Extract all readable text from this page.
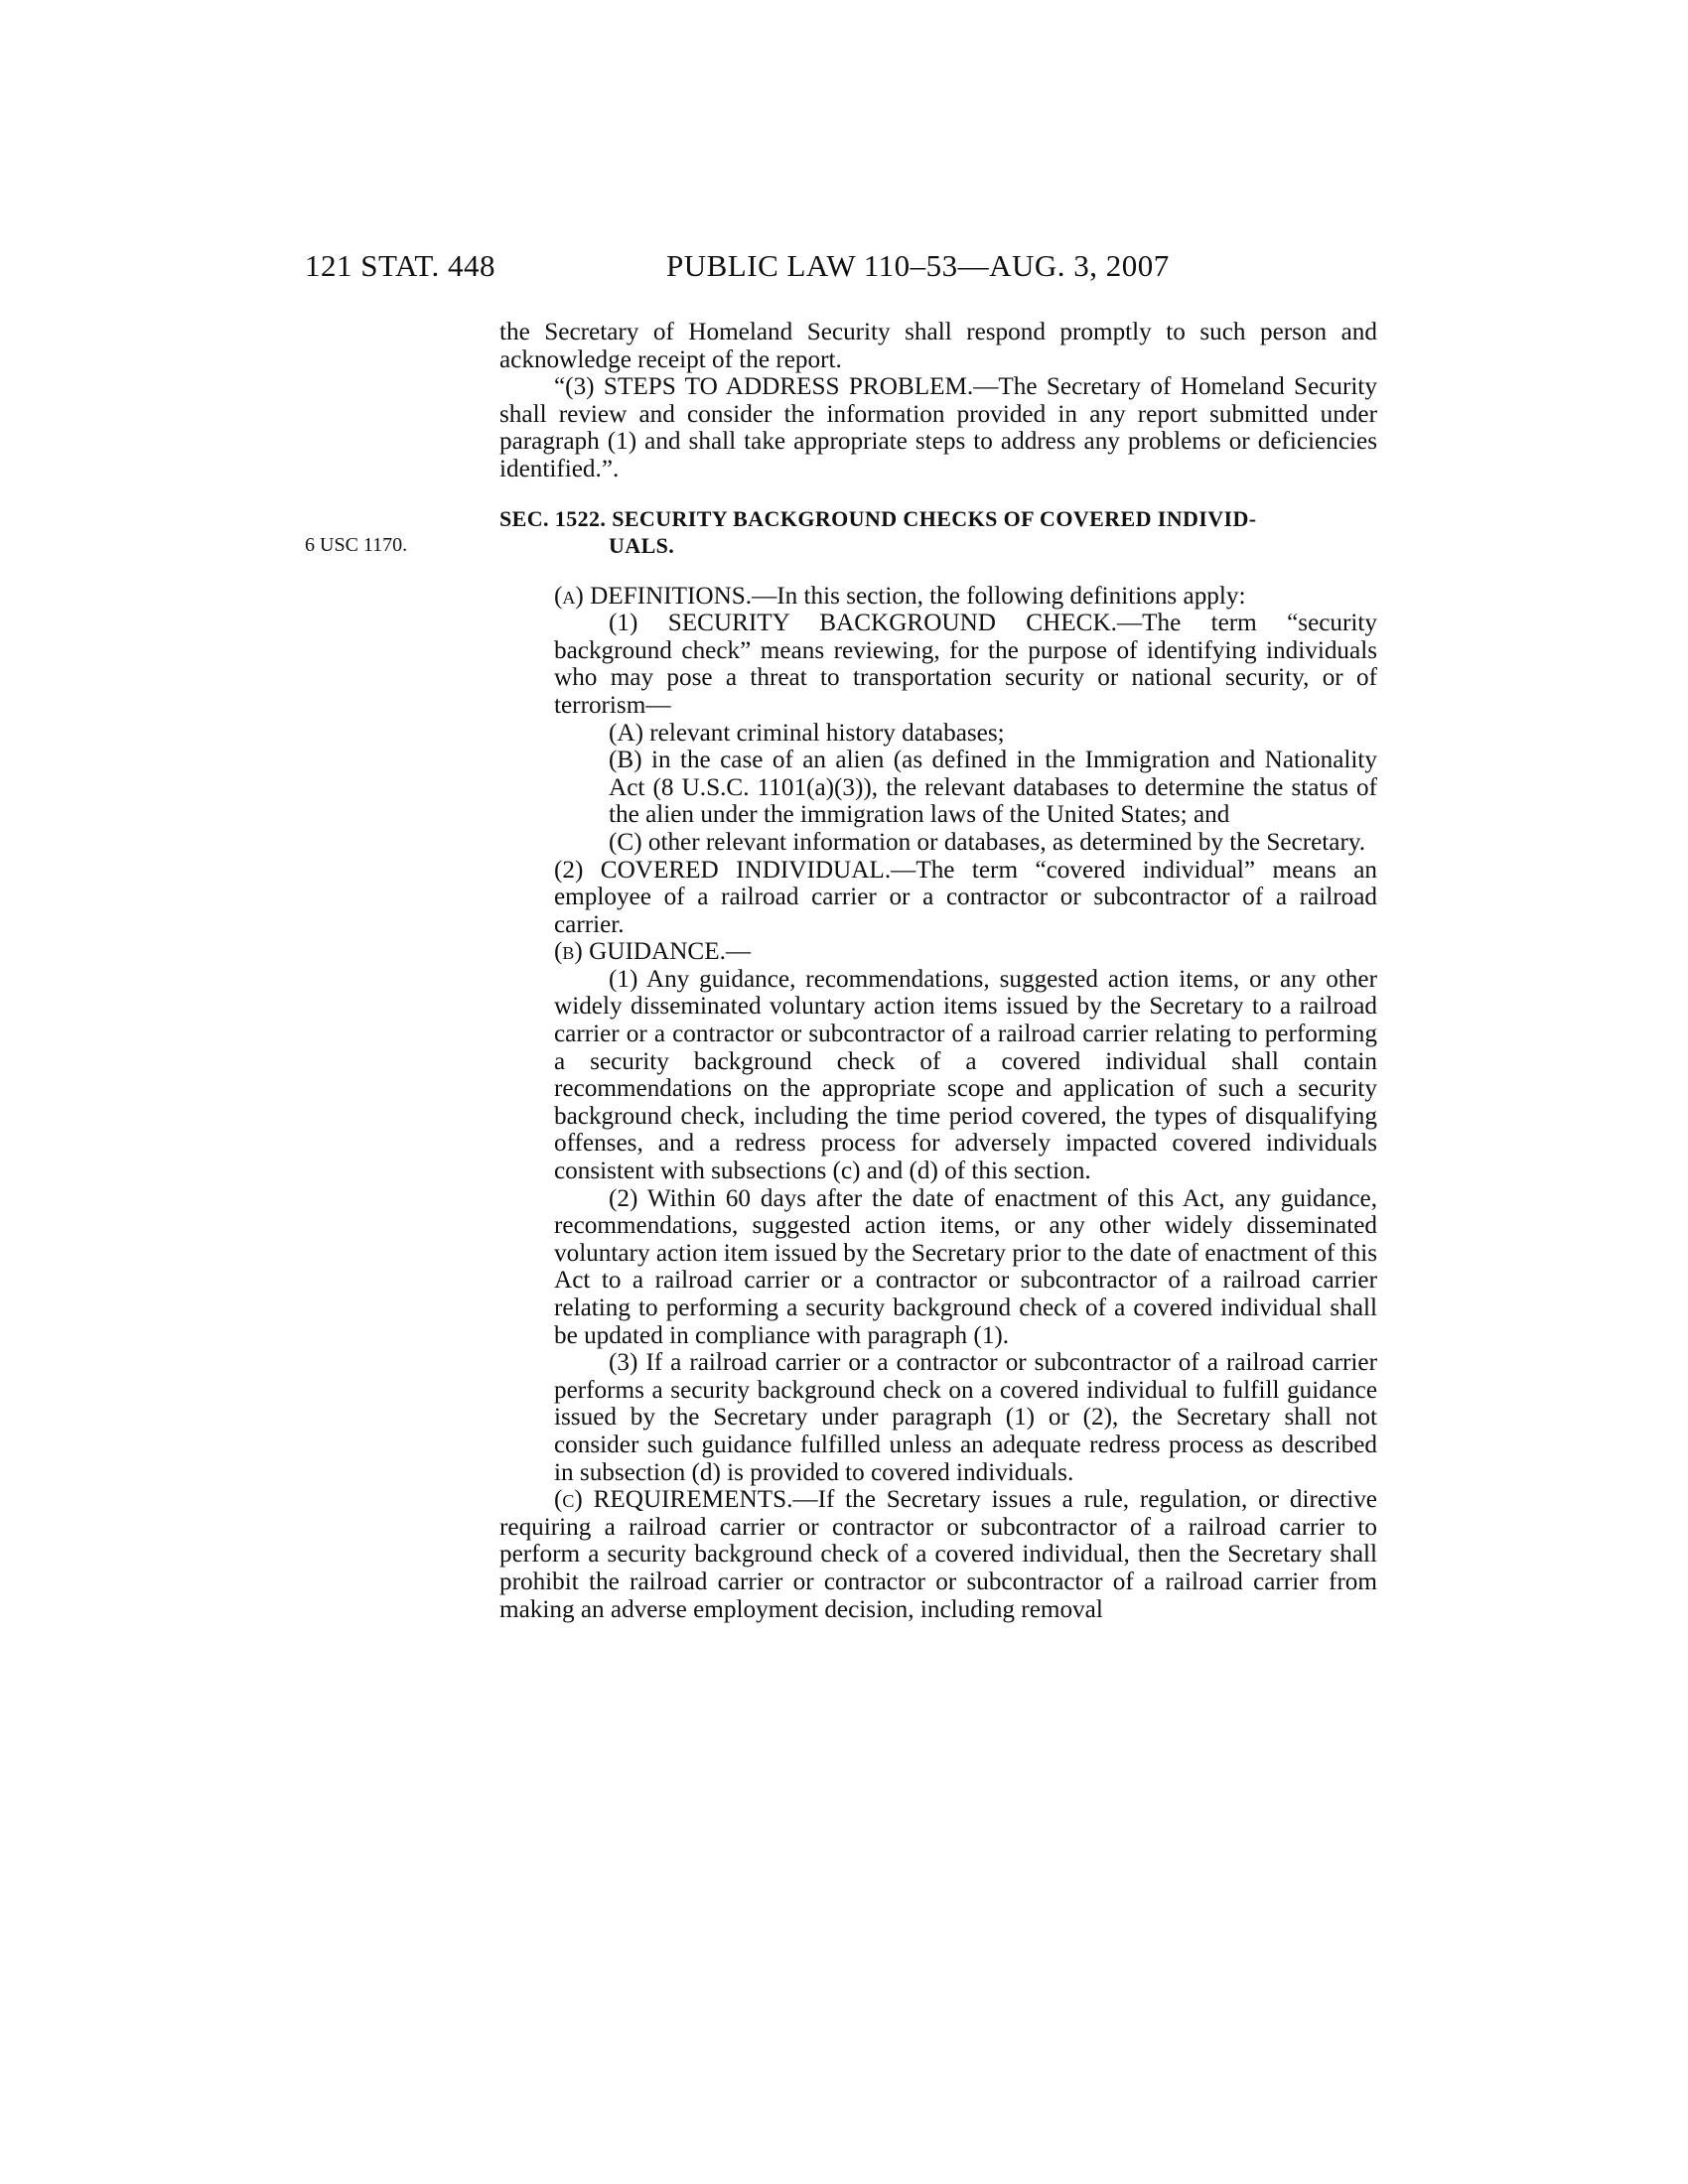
121 STAT. 448	PUBLIC LAW 110–53—AUG. 3, 2007
6 USC 1170.

the Secretary of Homeland Security shall respond promptly to such person and acknowledge receipt of the report.

“(3) STEPS TO ADDRESS PROBLEM.—The Secretary of Homeland Security shall review and consider the information provided in any report submitted under paragraph (1) and shall take appropriate steps to address any problems or deficiencies identified.”.

SEC. 1522. SECURITY BACKGROUND CHECKS OF COVERED INDIVID-
UALS.

(a) DEFINITIONS.—In this section, the following definitions apply:

(1) SECURITY BACKGROUND CHECK.—The term “security background check” means reviewing, for the purpose of identifying individuals who may pose a threat to transportation security or national security, or of terrorism—

(A) relevant criminal history databases;

(B) in the case of an alien (as defined in the Immigration and Nationality Act (8 U.S.C. 1101(a)(3)), the relevant databases to determine the status of the alien under the immigration laws of the United States; and

(C) other relevant information or databases, as determined by the Secretary.

(2) COVERED INDIVIDUAL.—The term “covered individual” means an employee of a railroad carrier or a contractor or subcontractor of a railroad carrier.

(b) GUIDANCE.—

(1) Any guidance, recommendations, suggested action items, or any other widely disseminated voluntary action items issued by the Secretary to a railroad carrier or a contractor or subcontractor of a railroad carrier relating to performing a security background check of a covered individual shall contain recommendations on the appropriate scope and application of such a security background check, including the time period covered, the types of disqualifying offenses, and a redress process for adversely impacted covered individuals consistent with subsections (c) and (d) of this section.

(2) Within 60 days after the date of enactment of this Act, any guidance, recommendations, suggested action items, or any other widely disseminated voluntary action item issued by the Secretary prior to the date of enactment of this Act to a railroad carrier or a contractor or subcontractor of a railroad carrier relating to performing a security background check of a covered individual shall be updated in compliance with paragraph (1).

(3) If a railroad carrier or a contractor or subcontractor of a railroad carrier performs a security background check on a covered individual to fulfill guidance issued by the Secretary under paragraph (1) or (2), the Secretary shall not consider such guidance fulfilled unless an adequate redress process as described in subsection (d) is provided to covered individuals.

(c) REQUIREMENTS.—If the Secretary issues a rule, regulation, or directive requiring a railroad carrier or contractor or subcontractor of a railroad carrier to perform a security background check of a covered individual, then the Secretary shall prohibit the railroad carrier or contractor or subcontractor of a railroad carrier from making an adverse employment decision, including removal
